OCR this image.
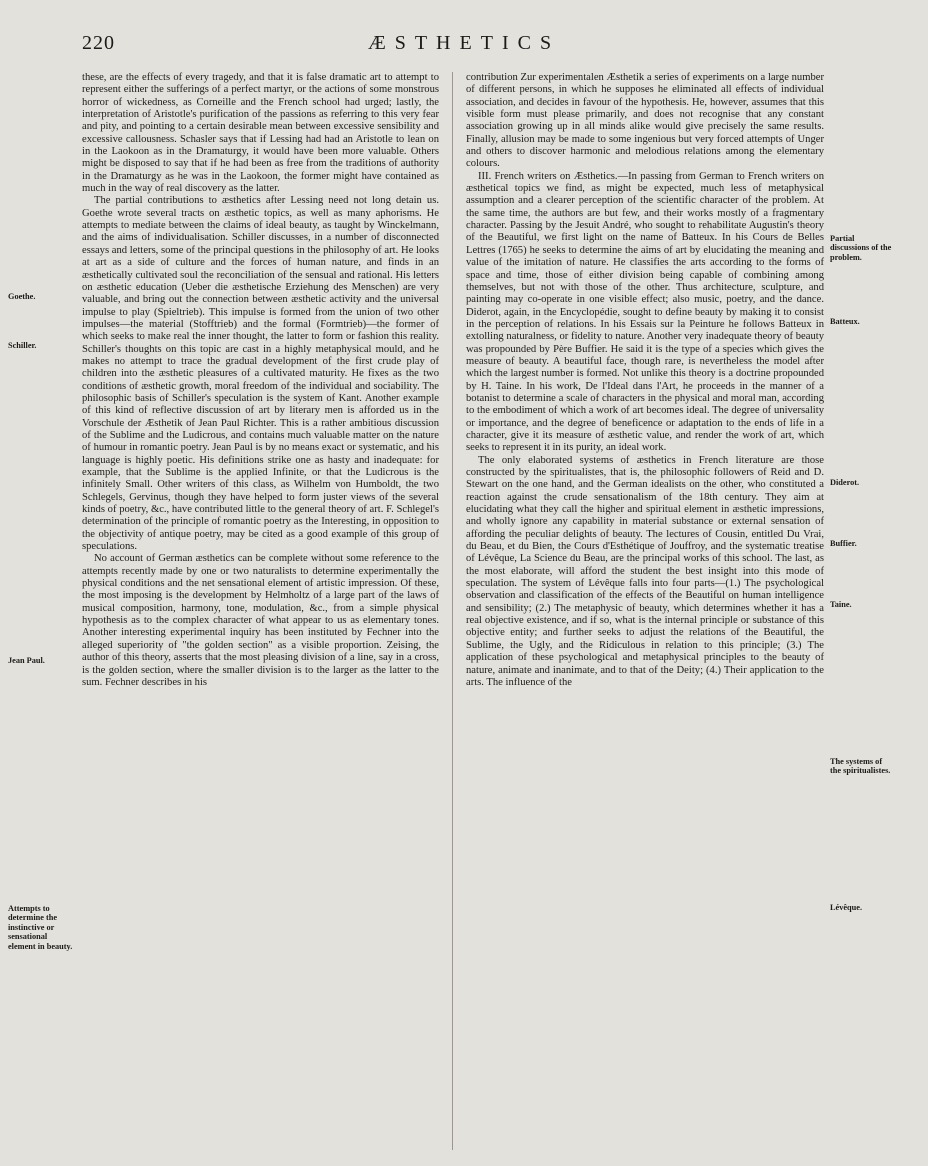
220	ÆSTHETICS

these, are the effects of every tragedy, and that it is false dramatic art to attempt to represent either the sufferings of a perfect martyr, or the actions of some monstrous horror of wickedness, as Corneille and the French school had urged; lastly, the interpretation of Aristotle's purification of the passions as referring to this very fear and pity, and pointing to a certain desirable mean between excessive sensibility and excessive callousness. Schasler says that if Lessing had had an Aristotle to lean on in the Laokoon as in the Dramaturgy, it would have been more valuable. Others might be disposed to say that if he had been as free from the traditions of authority in the Dramaturgy as he was in the Laokoon, the former might have contained as much in the way of real discovery as the latter.

The partial contributions to æsthetics after Lessing need not long detain us. Goethe wrote several tracts on æsthetic topics, as well as many aphorisms. He attempts to mediate between the claims of ideal beauty, as taught by Winckelmann, and the aims of individualisation. Schiller discusses, in a number of disconnected essays and letters, some of the principal questions in the philosophy of art. He looks at art as a side of culture and the forces of human nature, and finds in an æsthetically cultivated soul the reconciliation of the sensual and rational. His letters on æsthetic education (Ueber die æsthetische Erziehung des Menschen) are very valuable, and bring out the connection between æsthetic activity and the universal impulse to play (Spieltrieb). This impulse is formed from the union of two other impulses—the material (Stofftrieb) and the formal (Formtrieb)—the former of which seeks to make real the inner thought, the latter to form or fashion this reality. Schiller's thoughts on this topic are cast in a highly metaphysical mould, and he makes no attempt to trace the gradual development of the first crude play of children into the æsthetic pleasures of a cultivated maturity. He fixes as the two conditions of æsthetic growth, moral freedom of the individual and sociability. The philosophic basis of Schiller's speculation is the system of Kant. Another example of this kind of reflective discussion of art by literary men is afforded us in the Vorschule der Æsthetik of Jean Paul Richter. This is a rather ambitious discussion of the Sublime and the Ludicrous, and contains much valuable matter on the nature of humour in romantic poetry. Jean Paul is by no means exact or systematic, and his language is highly poetic. His definitions strike one as hasty and inadequate: for example, that the Sublime is the applied Infinite, or that the Ludicrous is the infinitely Small. Other writers of this class, as Wilhelm von Humboldt, the two Schlegels, Gervinus, though they have helped to form juster views of the several kinds of poetry, &c., have contributed little to the general theory of art. F. Schlegel's determination of the principle of romantic poetry as the Interesting, in opposition to the objectivity of antique poetry, may be cited as a good example of this group of speculations.

No account of German æsthetics can be complete without some reference to the attempts recently made by one or two naturalists to determine experimentally the physical conditions and the net sensational element of artistic impression. Of these, the most imposing is the development by Helmholtz of a large part of the laws of musical composition, harmony, tone, modulation, &c., from a simple physical hypothesis as to the complex character of what appear to us as elementary tones. Another interesting experimental inquiry has been instituted by Fechner into the alleged superiority of "the golden section" as a visible proportion. Zeising, the author of this theory, asserts that the most pleasing division of a line, say in a cross, is the golden section, where the smaller division is to the larger as the latter to the sum. Fechner describes in his

contribution Zur experimentalen Æsthetik a series of experiments on a large number of different persons, in which he supposes he eliminated all effects of individual association, and decides in favour of the hypothesis. He, however, assumes that this visible form must please primarily, and does not recognise that any constant association growing up in all minds alike would give precisely the same results. Finally, allusion may be made to some ingenious but very forced attempts of Unger and others to discover harmonic and melodious relations among the elementary colours.

III. French writers on Æsthetics.—In passing from German to French writers on æsthetical topics we find, as might be expected, much less of metaphysical assumption and a clearer perception of the scientific character of the problem. At the same time, the authors are but few, and their works mostly of a fragmentary character. Passing by the Jesuit André, who sought to rehabilitate Augustin's theory of the Beautiful, we first light on the name of Batteux. In his Cours de Belles Lettres (1765) he seeks to determine the aims of art by elucidating the meaning and value of the imitation of nature. He classifies the arts according to the forms of space and time, those of either division being capable of combining among themselves, but not with those of the other. Thus architecture, sculpture, and painting may co-operate in one visible effect; also music, poetry, and the dance. Diderot, again, in the Encyclopédie, sought to define beauty by making it to consist in the perception of relations. In his Essais sur la Peinture he follows Batteux in extolling naturalness, or fidelity to nature. Another very inadequate theory of beauty was propounded by Père Buffier. He said it is the type of a species which gives the measure of beauty. A beautiful face, though rare, is nevertheless the model after which the largest number is formed. Not unlike this theory is a doctrine propounded by H. Taine. In his work, De l'Ideal dans l'Art, he proceeds in the manner of a botanist to determine a scale of characters in the physical and moral man, according to the embodiment of which a work of art becomes ideal. The degree of universality or importance, and the degree of beneficence or adaptation to the ends of life in a character, give it its measure of æsthetic value, and render the work of art, which seeks to represent it in its purity, an ideal work.

The only elaborated systems of æsthetics in French literature are those constructed by the spiritualistes, that is, the philosophic followers of Reid and D. Stewart on the one hand, and the German idealists on the other, who constituted a reaction against the crude sensationalism of the 18th century. They aim at elucidating what they call the higher and spiritual element in æsthetic impressions, and wholly ignore any capability in material substance or external sensation of affording the peculiar delights of beauty. The lectures of Cousin, entitled Du Vrai, du Beau, et du Bien, the Cours d'Esthétique of Jouffroy, and the systematic treatise of Lévêque, La Science du Beau, are the principal works of this school. The last, as the most elaborate, will afford the student the best insight into this mode of speculation. The system of Lévêque falls into four parts—(1.) The psychological observation and classification of the effects of the Beautiful on human intelligence and sensibility; (2.) The metaphysic of beauty, which determines whether it has a real objective existence, and if so, what is the internal principle or substance of this objective entity; and further seeks to adjust the relations of the Beautiful, the Sublime, the Ugly, and the Ridiculous in relation to this principle; (3.) The application of these psychological and metaphysical principles to the beauty of nature, animate and inanimate, and to that of the Deity; (4.) Their application to the arts. The influence of the

Goethe.
Schiller.
Jean Paul.
Attempts to determine the instinctive or sensational element in beauty.
Partial discussions of the problem.
Batteux.
Diderot.
Buffier.
Taine.
The systems of the spiritualistes.
Lévêque.
